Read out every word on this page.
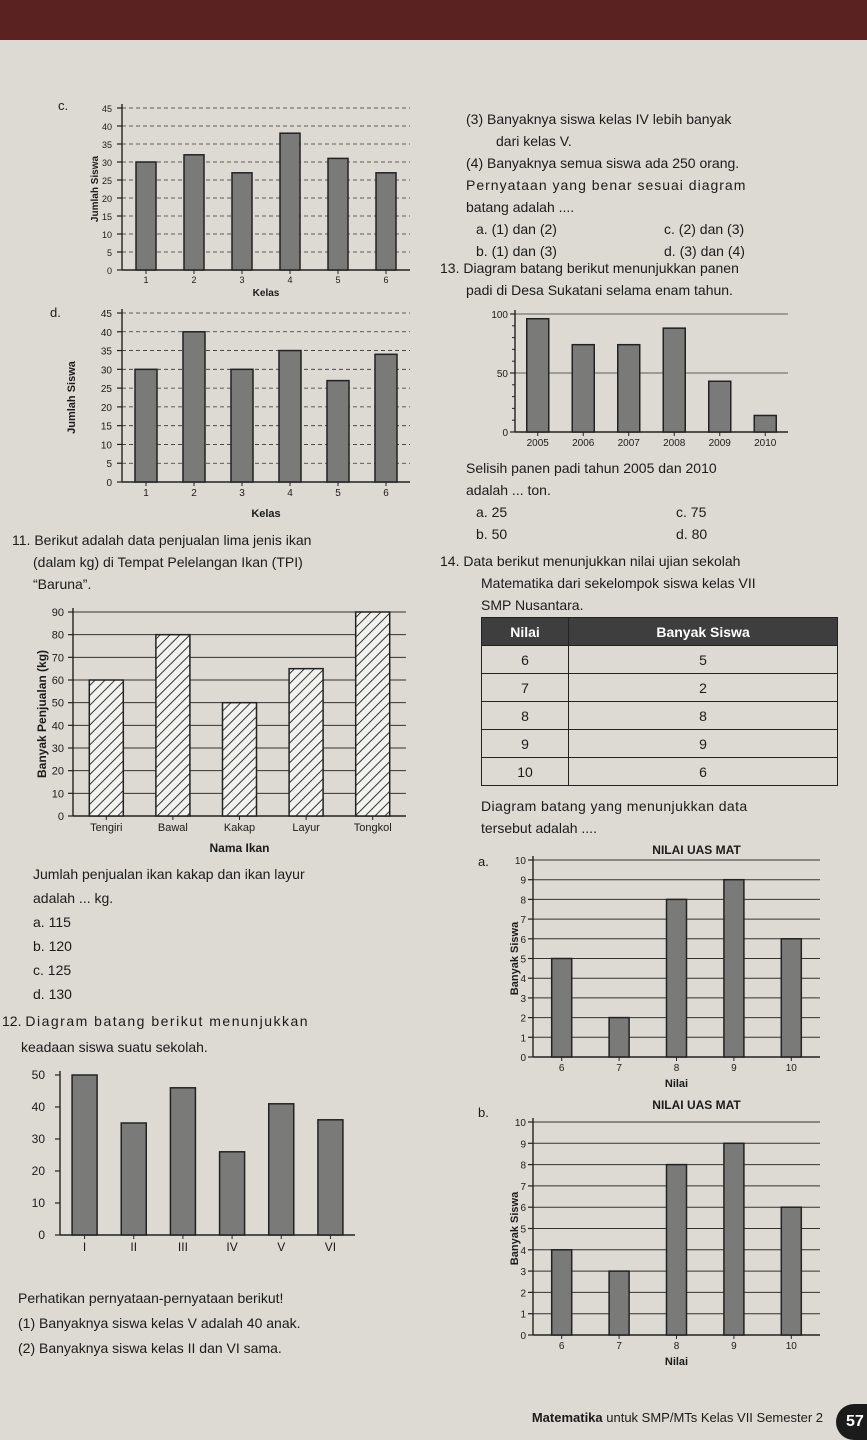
c.
0
5
10
15
20
25
30
35
40
45
1	2	3	4	5	6
Kelas
Jumlah Siswa
d.
0
5
10
15
20
25
30
35
40
45
1	2	3	4	5	6
Kelas
Jumlah Siswa
(3) Banyaknya siswa kelas IV lebih banyak
dari kelas V.
(4) Banyaknya semua siswa ada 250 orang.
Pernyataan yang benar sesuai diagram
batang adalah ....
a. (1) dan (2)	c. (2) dan (3)
b. (1) dan (3)	d. (3) dan (4)
13. Diagram batang berikut menunjukkan panen
padi di Desa Sukatani selama enam tahun.
0
50
100
2005 2006 2007 2008 2009 2010
Selisih panen padi tahun 2005 dan 2010
adalah ... ton.
a. 25	c. 75
b. 50	d. 80
11. Berikut adalah data penjualan lima jenis ikan
(dalam kg) di Tempat Pelelangan Ikan (TPI)
“Baruna”.
0
10
20
30
40
50
60
70
80
90
Tengiri	Bawal	Kakap	Layur	Tongkol
Nama Ikan
Banyak Penjualan (kg)
Jumlah penjualan ikan kakap dan ikan layur
adalah ... kg.
a. 115
b. 120
c. 125
d. 130
12. Diagram batang berikut menunjukkan
keadaan siswa suatu sekolah.
0
10
20
30
40
50
I	II	III	IV	V	VI
Perhatikan pernyataan-pernyataan berikut!
(1) Banyaknya siswa kelas V adalah 40 anak.
(2) Banyaknya siswa kelas II dan VI sama.
14. Data berikut menunjukkan nilai ujian sekolah
Matematika dari sekelompok siswa kelas VII
SMP Nusantara.
Nilai	Banyak Siswa
6	5
7	2
8	8
9	9
10	6
Diagram batang yang menunjukkan data
tersebut adalah ....
NILAI UAS MAT
a.
0
1
2
3
4
5
6
7
8
9
10
6	7	8	9	10
Nilai
Banyak Siswa
NILAI UAS MAT
b.
0
1
2
3
4
5
6
7
8
9
10
6	7	8	9	10
Nilai
Banyak Siswa
Matematika untuk SMP/MTs Kelas VII Semester 2	57
